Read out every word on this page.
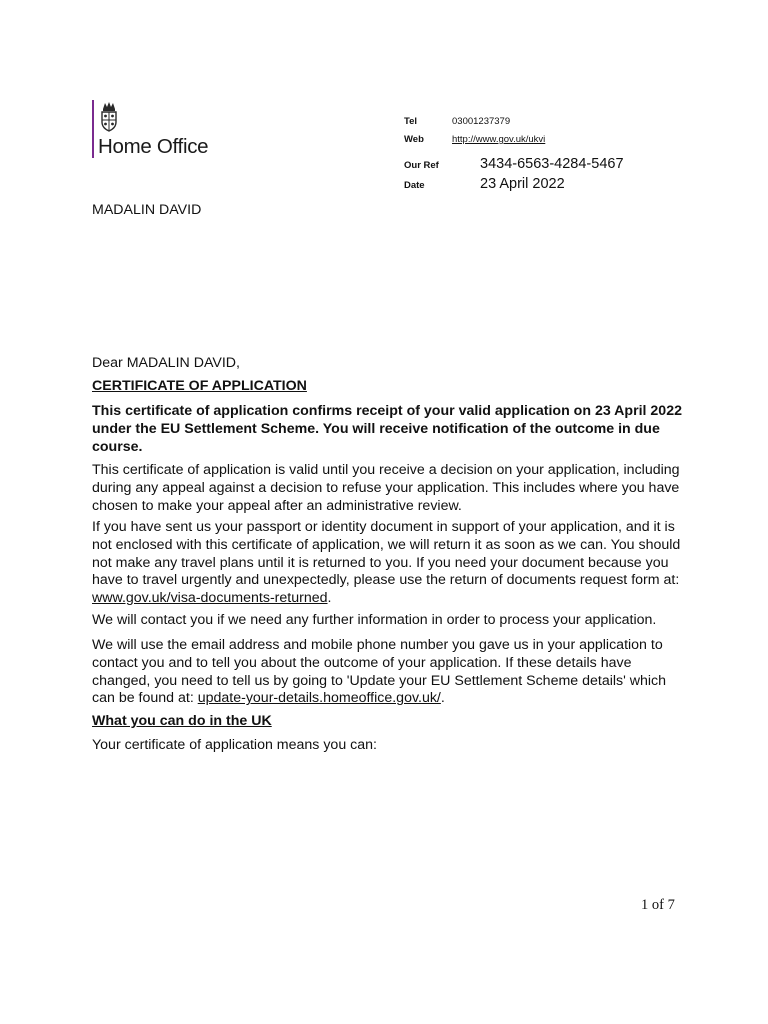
Home Office
Tel	03001237379
Web	http://www.gov.uk/ukvi
Our Ref	3434-6563-4284-5467
Date	23 April 2022
MADALIN DAVID
Dear MADALIN DAVID,
CERTIFICATE OF APPLICATION
This certificate of application confirms receipt of your valid application on 23 April 2022 under the EU Settlement Scheme. You will receive notification of the outcome in due course.
This certificate of application is valid until you receive a decision on your application, including during any appeal against a decision to refuse your application. This includes where you have chosen to make your appeal after an administrative review.
If you have sent us your passport or identity document in support of your application, and it is not enclosed with this certificate of application, we will return it as soon as we can. You should not make any travel plans until it is returned to you. If you need your document because you have to travel urgently and unexpectedly, please use the return of documents request form at: www.gov.uk/visa-documents-returned.
We will contact you if we need any further information in order to process your application.
We will use the email address and mobile phone number you gave us in your application to contact you and to tell you about the outcome of your application. If these details have changed, you need to tell us by going to 'Update your EU Settlement Scheme details' which can be found at: update-your-details.homeoffice.gov.uk/.
What you can do in the UK
Your certificate of application means you can:
1 of 7
